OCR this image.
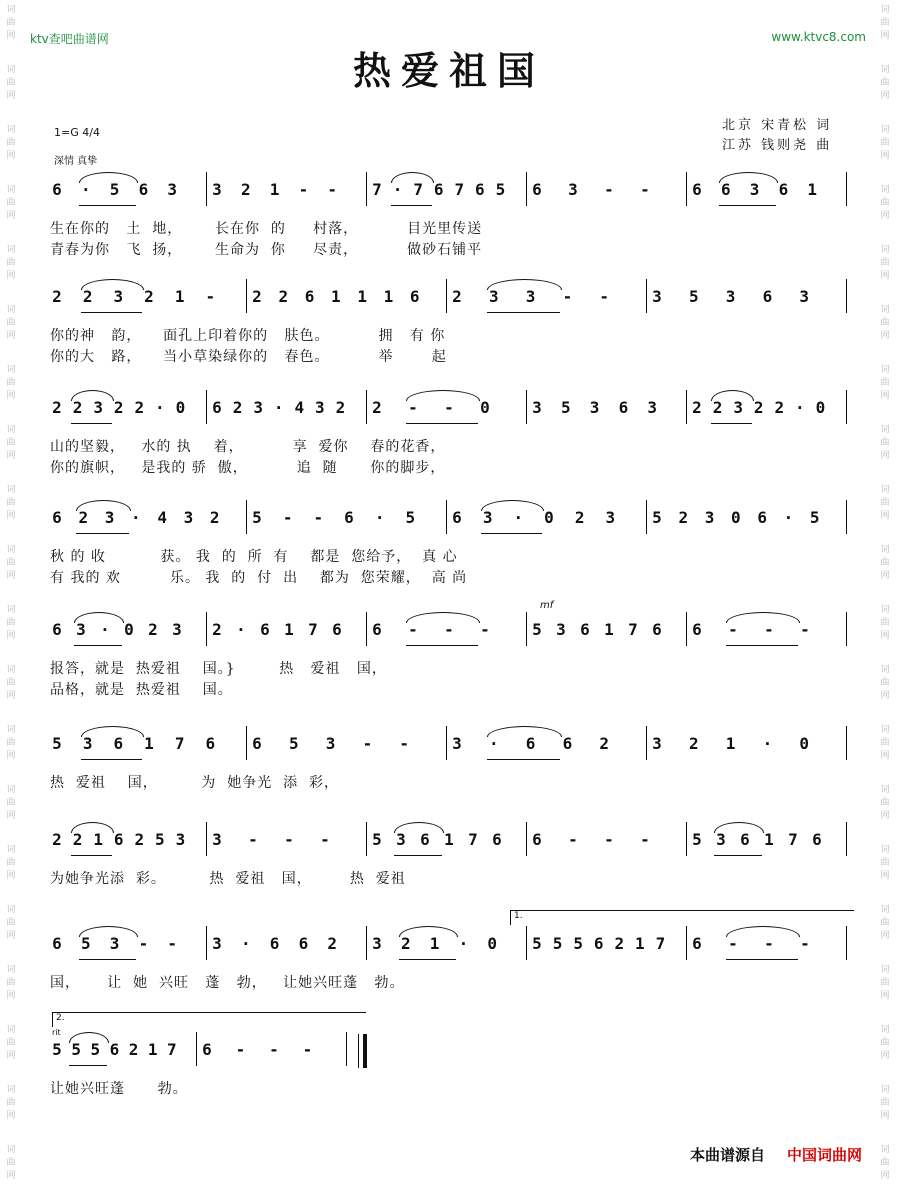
ktv查吧曲谱网	www.ktvc8.com
热爱祖国
北京 宋青松 词
江苏 钱则尧 曲
1=G 4/4
深情 真挚
词
曲
网
词
曲
网
词
曲
网
词
曲
网
词
曲
网
词
曲
网
词
曲
网
词
曲
网
词
曲
网
词
曲
网
词
曲
网
词
曲
网
词
曲
网
词
曲
网
词
曲
网
词
曲
网
词
曲
网
词
曲
网
词
曲
网
词
曲
网
词
曲
网
词
曲
网
词
曲
网
词
曲
网
词
曲
网
词
曲
网
词
曲
网
词
曲
网
词
曲
网
词
曲
网
词
曲
网
词
曲
网
词
曲
网
词
曲
网
词
曲
网
词
曲
网
词
曲
网
词
曲
网
词
曲
网
词
曲
网
6 · 5 6 3 3 2 1 - - 7 · 7 6 7 6 5 6 3 - -	6 6 3 6 1
生在你的   土  地，      长在你  的     村落，         目光里传送
青春为你   飞  扬，      生命为  你     尽责，         做砂石铺平
2 2 3 2 1 - 2 2 6 1 1 1 6 2 3 3 - -	3 5 3 6 3
你的神   韵，    面孔上印着你的   肤色。         拥   有 你
你的大   路，    当小草染绿你的   春色。         举       起
2 2 3 2 2 · 0 6 2 3 · 4 3 2 2 - - 0	3 5 3 6 3 2 2 3 2 2 · 0
山的坚毅，   水的 执    着，         享  爱你    春的花香，
你的旗帜，   是我的 骄  傲，         追  随      你的脚步，
6 2 3 · 4 3 2 5 - - 6 · 5 6 3 · 0 2 3 5 2 3 0 6 · 5
秋 的 收          获。 我  的  所  有    都是  您给予，  真 心
有 我的 欢         乐。 我  的  付  出    都为  您荣耀，  高 尚
6 3 · 0 2 3 2 · 6 1 7 6 6 - - -	5 3 6 1 7 6 6 - - -
报答，就是  热爱祖    国。}        热   爱祖   国，
品格，就是  热爱祖    国。
5 3 6 1 7 6 6 5 3 - -	3 · 6 6 2	3 2 1 · 0
热  爱祖    国，        为  她争光  添  彩，
2 2 1 6 2 5 3 3 - - -	5 3 6 1 7 6 6 - - -	5 3 6 1 7 6
为她争光添  彩。        热  爱祖   国，       热  爱祖
6 5 3 - - 3 · 6 6 2 3 2 1 · 0 5 5 5 6 2 1 7 6 - - -
国，     让  她  兴旺   蓬   勃，   让她兴旺蓬   勃。
5 5 5 6 2 1 7 6 - - -
让她兴旺蓬      勃。
1.
2.
mf
rit
本曲谱源自 中国词曲网
